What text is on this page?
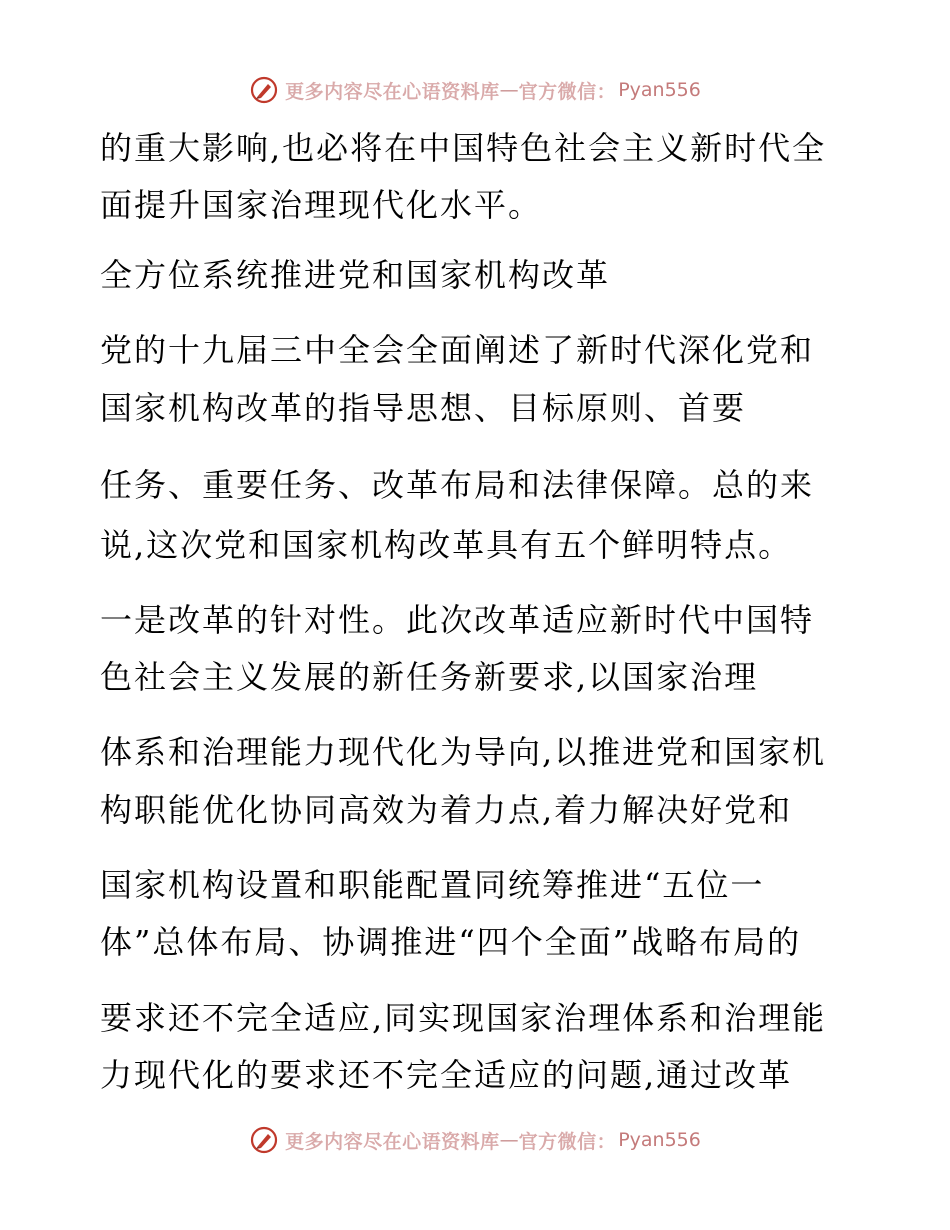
更多内容尽在心语资料库 — 官方微信： Pyan556
的重大影响,也必将在中国特色社会主义新时代全
面提升国家治理现代化水平。
全方位系统推进党和国家机构改革
党的十九届三中全会全面阐述了新时代深化党和
国家机构改革的指导思想、目标原则、首要
任务、重要任务、改革布局和法律保障。总的来
说,这次党和国家机构改革具有五个鲜明特点。
一是改革的针对性。此次改革适应新时代中国特
色社会主义发展的新任务新要求,以国家治理
体系和治理能力现代化为导向,以推进党和国家机
构职能优化协同高效为着力点,着力解决好党和
国家机构设置和职能配置同统筹推进“五位一
体”总体布局、协调推进“四个全面”战略布局的
要求还不完全适应,同实现国家治理体系和治理能
力现代化的要求还不完全适应的问题,通过改革
更多内容尽在心语资料库 — 官方微信： Pyan556
